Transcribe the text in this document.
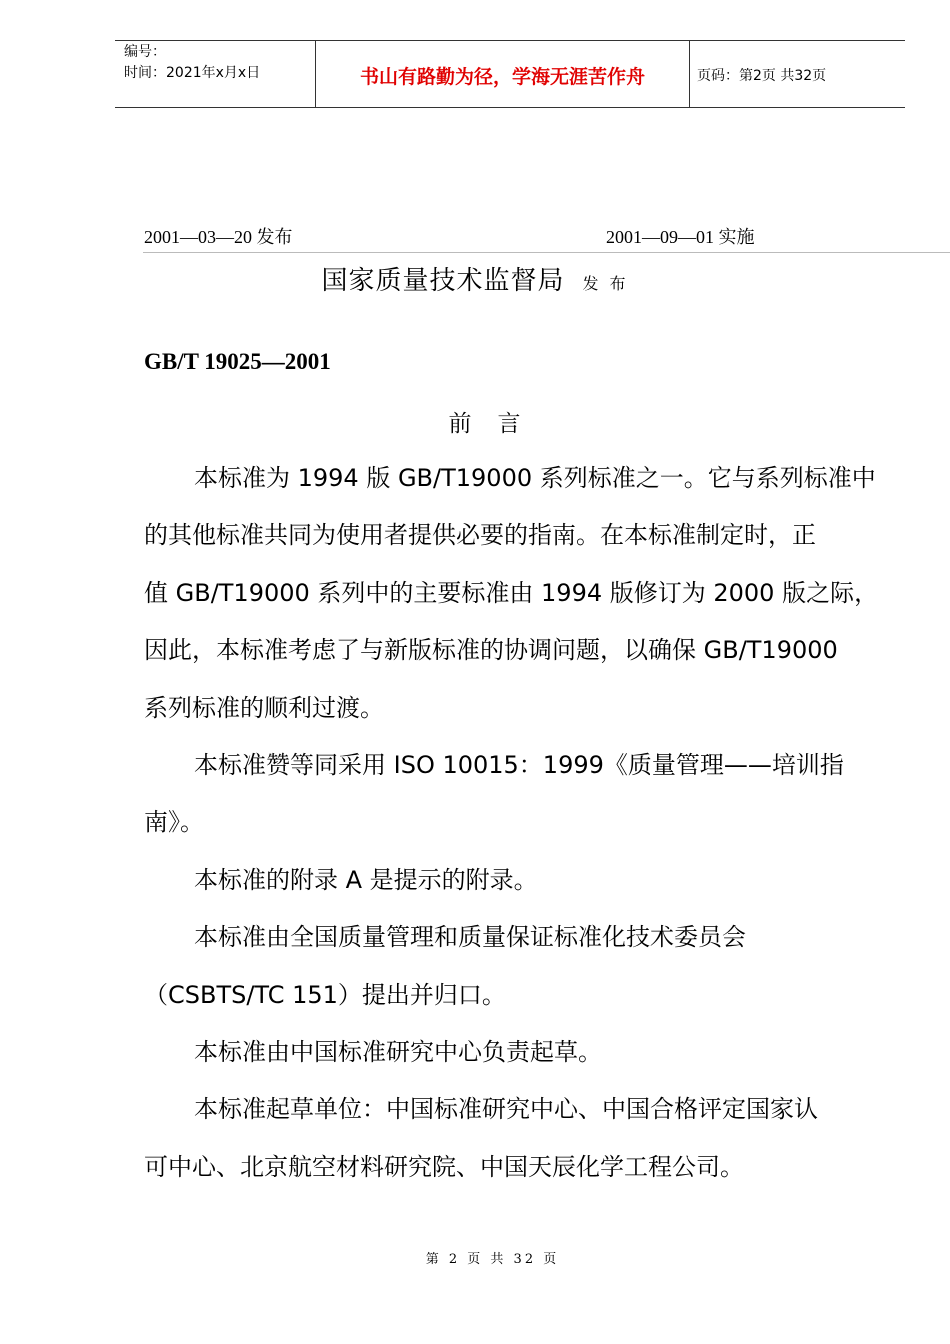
编号：
时间：2021年x月x日	书山有路勤为径，学海无涯苦作舟	页码：第2页 共32页
2001—03—20 发布	2001—09—01 实施
国家质量技术监督局 发 布
GB/T 19025—2001
前言

本标准为 1994 版 GB/T19000 系列标准之一。它与系列标准中
的其他标准共同为使用者提供必要的指南。在本标准制定时，正
值 GB/T19000 系列中的主要标准由 1994 版修订为 2000 版之际，
因此，本标准考虑了与新版标准的协调问题，以确保 GB/T19000
系列标准的顺利过渡。

本标准赞等同采用 ISO 10015：1999《质量管理——培训指
南》。

本标准的附录 A 是提示的附录。

本标准由全国质量管理和质量保证标准化技术委员会
（CSBTS/TC 151）提出并归口。

本标准由中国标准研究中心负责起草。

本标准起草单位：中国标准研究中心、中国合格评定国家认
可中心、北京航空材料研究院、中国天辰化学工程公司。

第 2 页 共 32 页
